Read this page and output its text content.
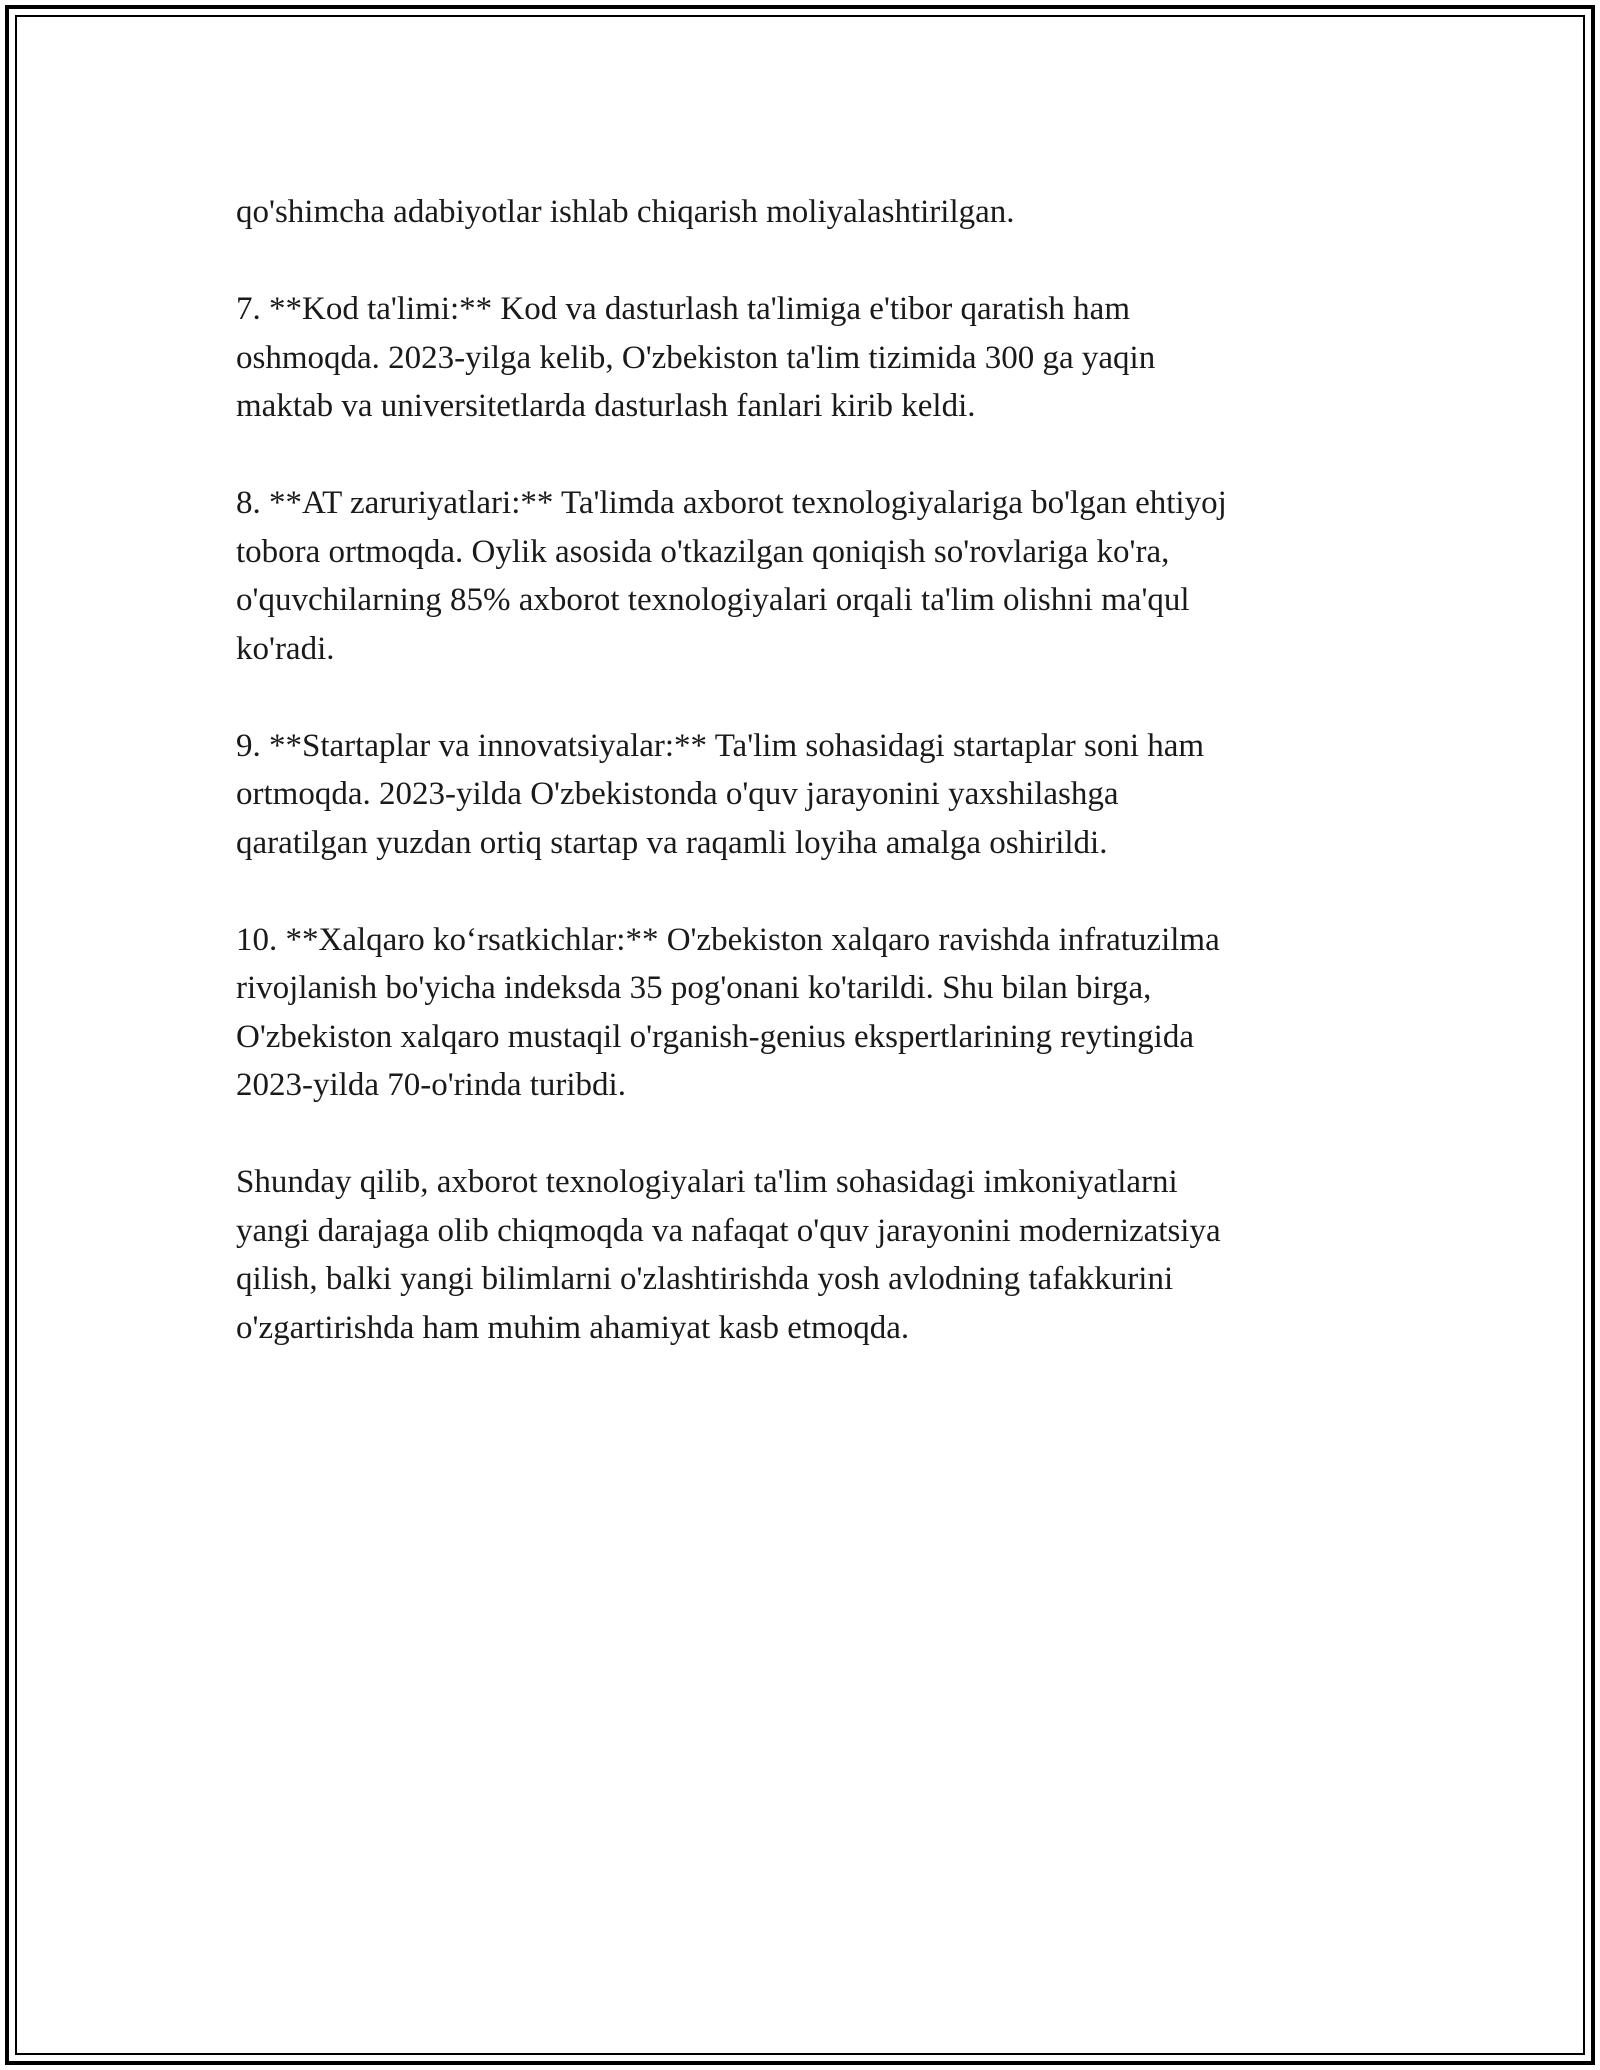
qo'shimcha adabiyotlar ishlab chiqarish moliyalashtirilgan.

7. **Kod ta'limi:** Kod va dasturlash ta'limiga e'tibor qaratish ham
oshmoqda. 2023-yilga kelib, O'zbekiston ta'lim tizimida 300 ga yaqin
maktab va universitetlarda dasturlash fanlari kirib keldi.

8. **AT zaruriyatlari:** Ta'limda axborot texnologiyalariga bo'lgan ehtiyoj
tobora ortmoqda. Oylik asosida o'tkazilgan qoniqish so'rovlariga ko'ra,
o'quvchilarning 85% axborot texnologiyalari orqali ta'lim olishni ma'qul
ko'radi.

9. **Startaplar va innovatsiyalar:** Ta'lim sohasidagi startaplar soni ham
ortmoqda. 2023-yilda O'zbekistonda o'quv jarayonini yaxshilashga
qaratilgan yuzdan ortiq startap va raqamli loyiha amalga oshirildi.

10. **Xalqaro ko‘rsatkichlar:** O'zbekiston xalqaro ravishda infratuzilma
rivojlanish bo'yicha indeksda 35 pog'onani ko'tarildi. Shu bilan birga,
O'zbekiston xalqaro mustaqil o'rganish-genius ekspertlarining reytingida
2023-yilda 70-o'rinda turibdi.

Shunday qilib, axborot texnologiyalari ta'lim sohasidagi imkoniyatlarni
yangi darajaga olib chiqmoqda va nafaqat o'quv jarayonini modernizatsiya
qilish, balki yangi bilimlarni o'zlashtirishda yosh avlodning tafakkurini
o'zgartirishda ham muhim ahamiyat kasb etmoqda.
